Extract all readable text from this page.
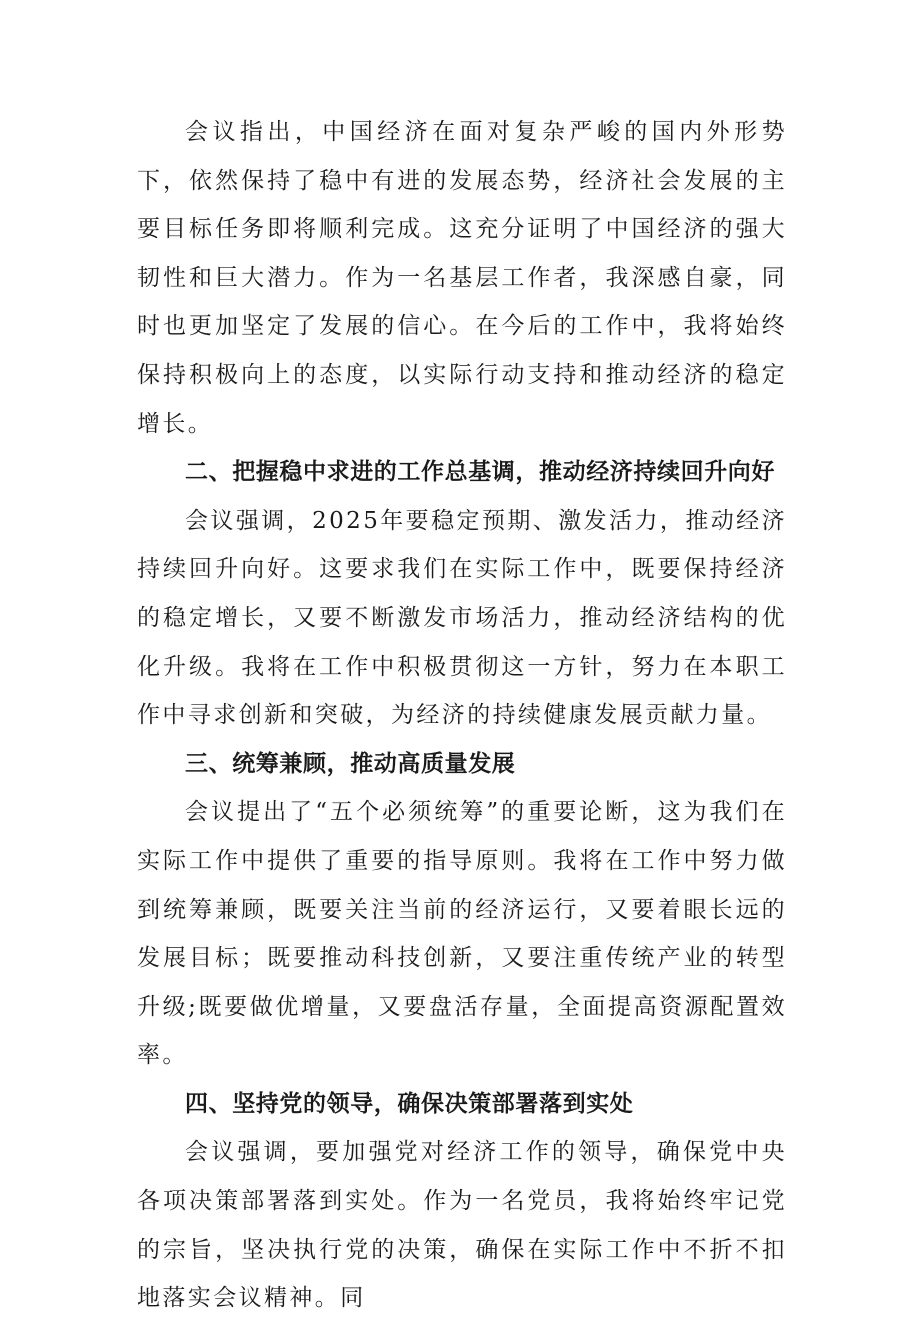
会议指出，中国经济在面对复杂严峻的国内外形势下，依然保持了稳中有进的发展态势，经济社会发展的主要目标任务即将顺利完成。这充分证明了中国经济的强大韧性和巨大潜力。作为一名基层工作者，我深感自豪，同时也更加坚定了发展的信心。在今后的工作中，我将始终保持积极向上的态度，以实际行动支持和推动经济的稳定增长。

二、把握稳中求进的工作总基调，推动经济持续回升向好

会议强调，2025年要稳定预期、激发活力，推动经济持续回升向好。这要求我们在实际工作中，既要保持经济的稳定增长，又要不断激发市场活力，推动经济结构的优化升级。我将在工作中积极贯彻这一方针，努力在本职工作中寻求创新和突破，为经济的持续健康发展贡献力量。

三、统筹兼顾，推动高质量发展

会议提出了“五个必须统筹”的重要论断，这为我们在实际工作中提供了重要的指导原则。我将在工作中努力做到统筹兼顾，既要关注当前的经济运行，又要着眼长远的发展目标；既要推动科技创新，又要注重传统产业的转型升级;既要做优增量，又要盘活存量，全面提高资源配置效率。

四、坚持党的领导，确保决策部署落到实处

会议强调，要加强党对经济工作的领导，确保党中央各项决策部署落到实处。作为一名党员，我将始终牢记党的宗旨，坚决执行党的决策，确保在实际工作中不折不扣地落实会议精神。同
